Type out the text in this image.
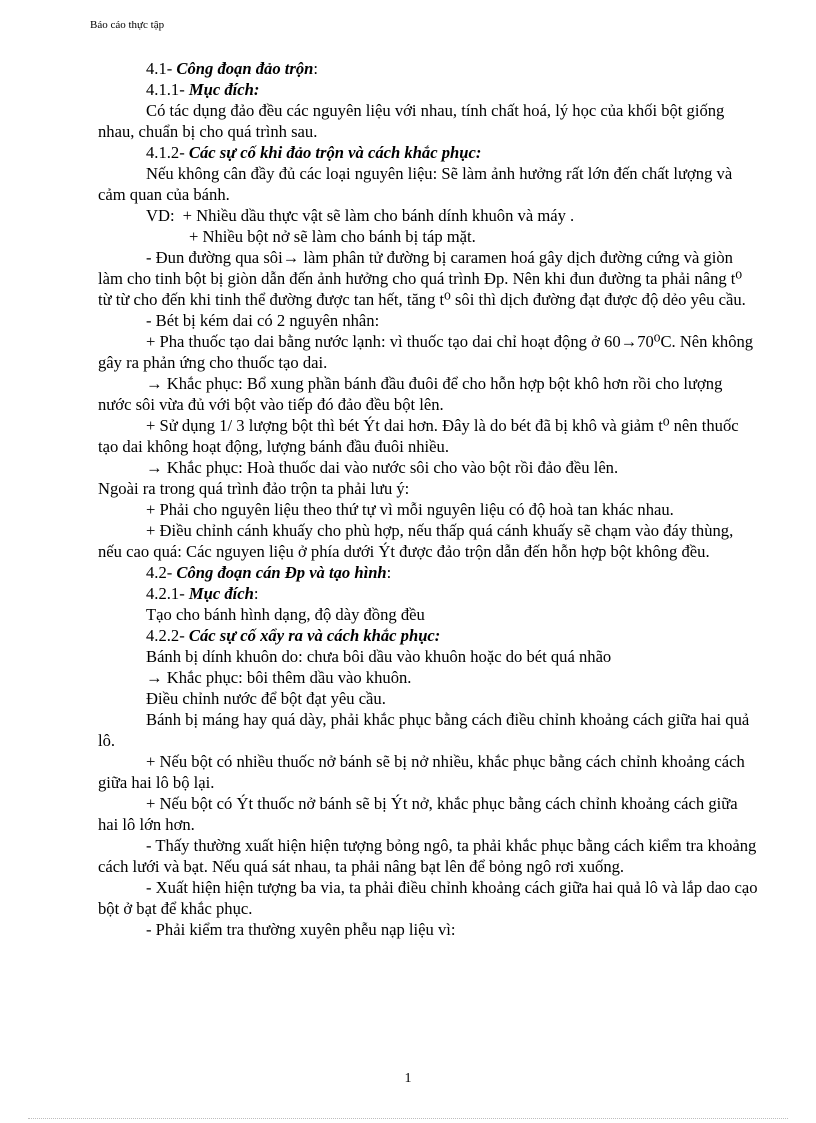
Báo cáo thực tập

4.1- Công đoạn đảo trộn:

4.1.1- Mục đích:

Có tác dụng đảo đều các nguyên liệu với nhau, tính chất hoá, lý học của khối bột giống nhau, chuẩn bị cho quá trình sau.

4.1.2- Các sự cố khi đảo trộn và cách khắc phục:

Nếu không cân đầy đủ các loại nguyên liệu: Sẽ làm ảnh hưởng rất lớn đến chất lượng và cảm quan của bánh.

VD: + Nhiều dầu thực vật sẽ làm cho bánh dính khuôn và máy .

+ Nhiều bột nở sẽ làm cho bánh bị táp mặt.

- Đun đường qua sôi→ làm phân tử đường bị caramen hoá gây dịch đường cứng và giòn làm cho tinh bột bị giòn dẫn đến ảnh hưởng cho quá trình Đp. Nên khi đun đường ta phải nâng t⁰ từ từ cho đến khi tinh thể đường được tan hết, tăng t⁰ sôi thì dịch đường đạt được độ dẻo yêu cầu.

- Bét bị kém dai có 2 nguyên nhân:

+ Pha thuốc tạo dai bằng nước lạnh: vì thuốc tạo dai chỉ hoạt động ở 60→70⁰C. Nên không gây ra phản ứng cho thuốc tạo dai.

→ Khắc phục: Bổ xung phần bánh đầu đuôi để cho hỗn hợp bột khô hơn rồi cho lượng nước sôi vừa đủ với bột vào tiếp đó đảo đều bột lên.

+ Sử dụng 1/ 3 lượng bột thì bét Ýt dai hơn. Đây là do bét đã bị khô và giảm t⁰ nên thuốc tạo dai không hoạt động, lượng bánh đầu đuôi nhiều.

→ Khắc phục: Hoà thuốc dai vào nước sôi cho vào bột rồi đảo đều lên.

Ngoài ra trong quá trình đảo trộn ta phải lưu ý:

+ Phải cho nguyên liệu theo thứ tự vì mỗi nguyên liệu có độ hoà tan khác nhau.

+ Điều chỉnh cánh khuấy cho phù hợp, nếu thấp quá cánh khuấy sẽ chạm vào đáy thùng, nếu cao quá: Các nguyen liệu ở phía dưới Ýt được đảo trộn dẫn đến hỗn hợp bột không đều.

4.2- Công đoạn cán Đp và tạo hình:

4.2.1- Mục đích:

Tạo cho bánh hình dạng, độ dày đồng đều

4.2.2- Các sự cố xẩy ra và cách khắc phục:

Bánh bị dính khuôn do: chưa bôi dầu vào khuôn hoặc do bét quá nhão

→ Khắc phục: bôi thêm dầu vào khuôn.

Điều chỉnh nước để bột đạt yêu cầu.

Bánh bị máng hay quá dày, phải khắc phục bằng cách điều chỉnh khoảng cách giữa hai quả lô.

+ Nếu bột có nhiều thuốc nở bánh sẽ bị nở nhiều, khắc phục bằng cách chỉnh khoảng cách giữa hai lô bộ lại.

+ Nếu bột có Ýt thuốc nở bánh sẽ bị Ýt nở, khắc phục bằng cách chỉnh khoảng cách giữa hai lô lớn hơn.

- Thấy thường xuất hiện hiện tượng bỏng ngô, ta phải khắc phục bằng cách kiểm tra khoảng cách lưới và bạt. Nếu quá sát nhau, ta phải nâng bạt lên để bỏng ngô rơi xuống.

- Xuất hiện hiện tượng ba via, ta phải điều chỉnh khoảng cách giữa hai quả lô và lắp dao cạo bột ở bạt để khắc phục.

- Phải kiểm tra thường xuyên phễu nạp liệu vì:

1
